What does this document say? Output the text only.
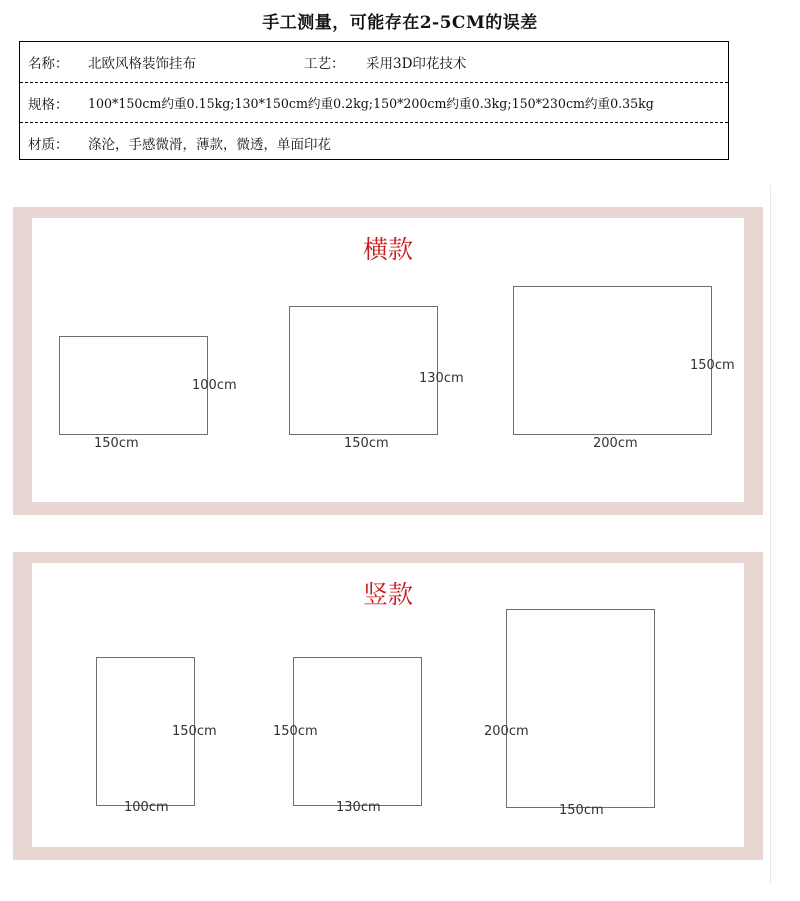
手工测量，可能存在2-5CM的误差
名称：	北欧风格装饰挂布	工艺：	采用3D印花技术
规格：	100*150cm约重0.15kg;130*150cm约重0.2kg;150*200cm约重0.3kg;150*230cm约重0.35kg
材质：	涤沦，手感微滑，薄款，微透，单面印花
横款
100cm
150cm
130cm
150cm
150cm
200cm
竖款
150cm
100cm
150cm
130cm
200cm
150cm
